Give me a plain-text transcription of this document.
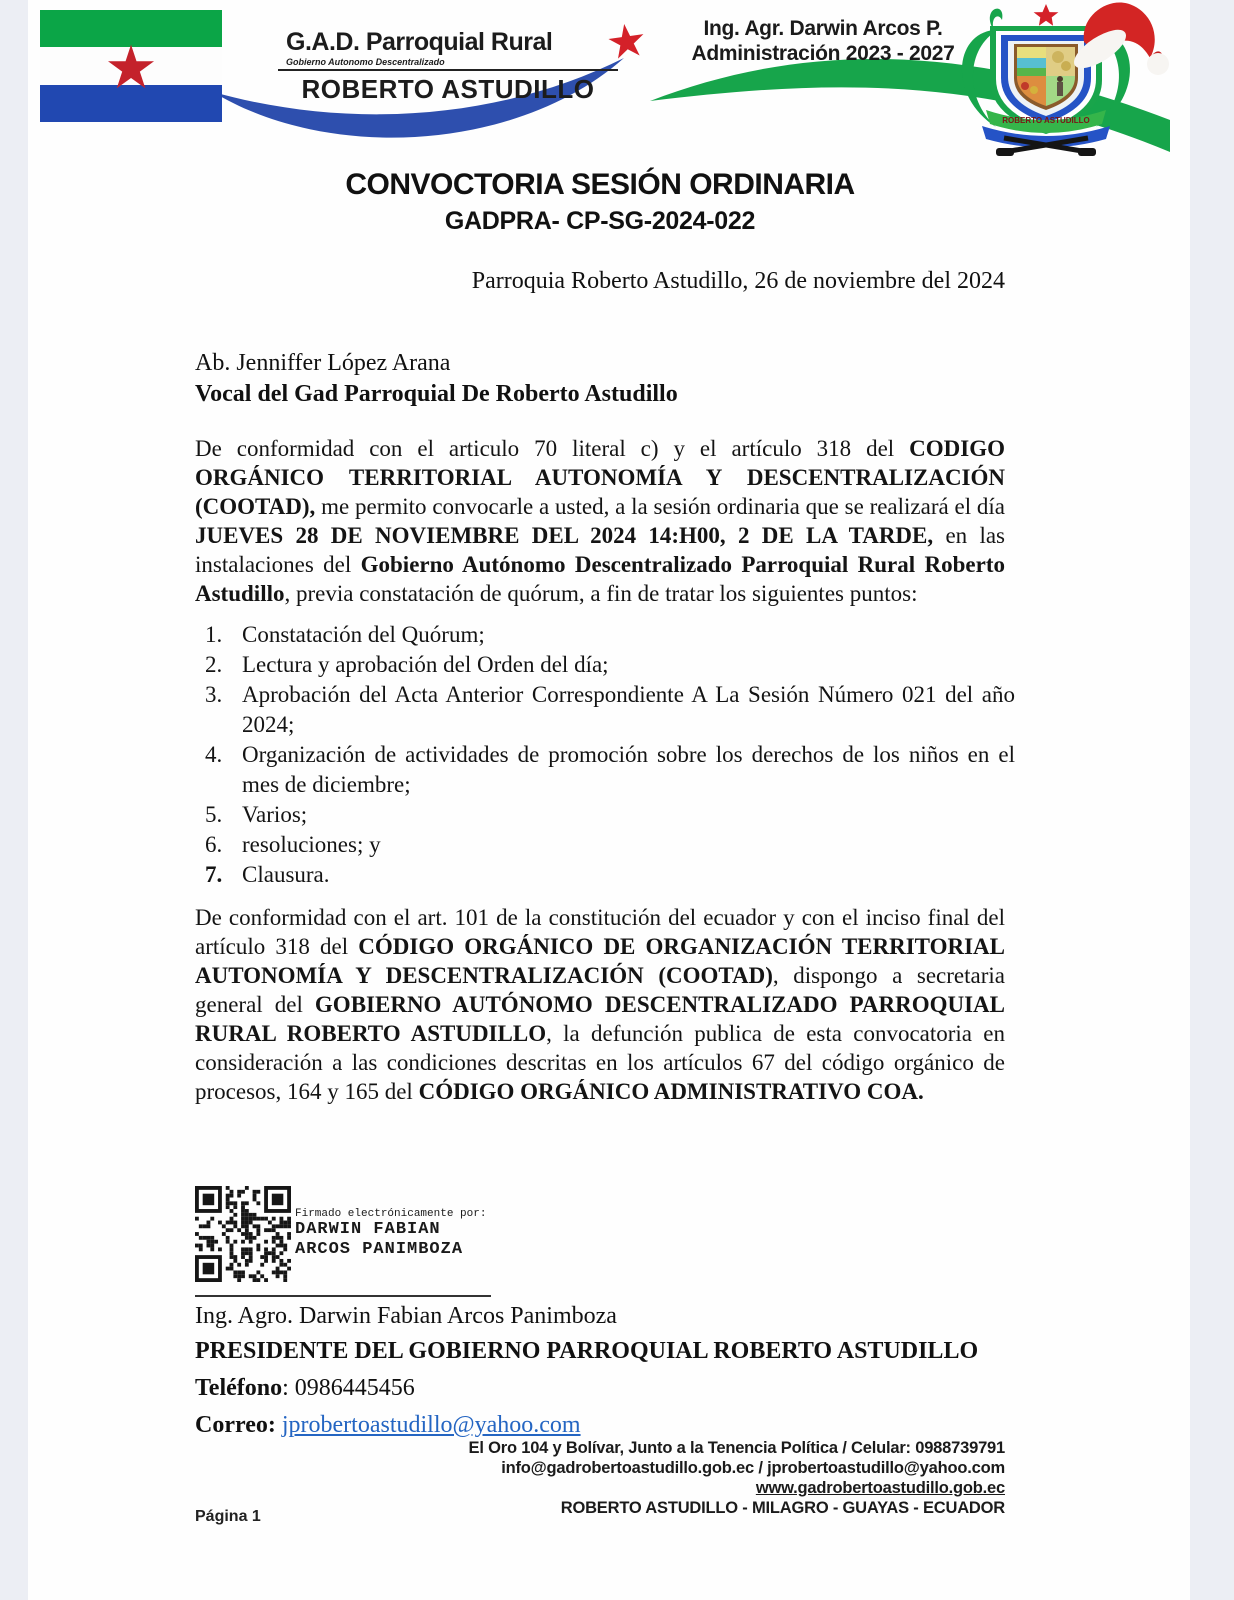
★	G.A.D. Parroquial Rural
Gobierno Autonomo Descentralizado
ROBERTO ASTUDILLO
★	Ing. Agr. Darwin Arcos P.
Administración 2023 - 2027
ROBERTO ASTUDILLO
CONVOCTORIA SESIÓN ORDINARIA
GADPRA- CP-SG-2024-022
Parroquia Roberto Astudillo, 26 de noviembre del 2024
Ab. Jenniffer López Arana
Vocal del Gad Parroquial De Roberto Astudillo
De conformidad con el articulo 70 literal c) y el artículo 318 del CODIGO ORGÁNICO TERRITORIAL AUTONOMÍA Y DESCENTRALIZACIÓN (COOTAD), me permito convocarle a usted, a la sesión ordinaria que se realizará el día JUEVES 28 DE NOVIEMBRE DEL 2024 14:H00, 2 DE LA TARDE, en las instalaciones del Gobierno Autónomo Descentralizado Parroquial Rural Roberto Astudillo, previa constatación de quórum, a fin de tratar los siguientes puntos:
1. Constatación del Quórum;
2. Lectura y aprobación del Orden del día;
3. Aprobación del Acta Anterior Correspondiente A La Sesión Número 021 del año 2024;
4. Organización de actividades de promoción sobre los derechos de los niños en el mes de diciembre;
5. Varios;
6. resoluciones; y
7. Clausura.
De conformidad con el art. 101 de la constitución del ecuador y con el inciso final del artículo 318 del CÓDIGO ORGÁNICO DE ORGANIZACIÓN TERRITORIAL AUTONOMÍA Y DESCENTRALIZACIÓN (COOTAD), dispongo a secretaria general del GOBIERNO AUTÓNOMO DESCENTRALIZADO PARROQUIAL RURAL ROBERTO ASTUDILLO, la defunción publica de esta convocatoria en consideración a las condiciones descritas en los artículos 67 del código orgánico de procesos, 164 y 165 del CÓDIGO ORGÁNICO ADMINISTRATIVO COA.
Firmado electrónicamente por:
DARWIN FABIAN
ARCOS PANIMBOZA
Ing. Agro. Darwin Fabian Arcos Panimboza
PRESIDENTE DEL GOBIERNO PARROQUIAL ROBERTO ASTUDILLO
Teléfono: 0986445456
Correo: jprobertoastudillo@yahoo.com
El Oro 104 y Bolívar, Junto a la Tenencia Política / Celular: 0988739791
info@gadrobertoastudillo.gob.ec / jprobertoastudillo@yahoo.com
www.gadrobertoastudillo.gob.ec
ROBERTO ASTUDILLO - MILAGRO - GUAYAS - ECUADOR
Página 1
